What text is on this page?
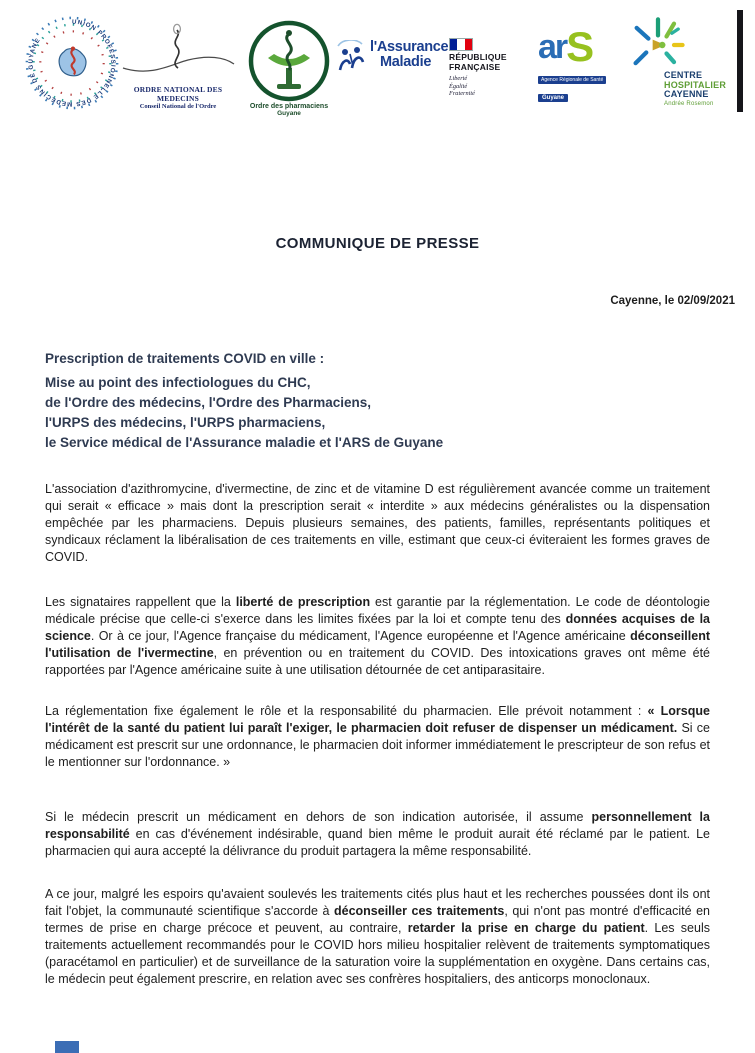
UNION PROFESSIONNELLE DES MEDECINS DE GUYANE
ORDRE NATIONAL DES MEDECINS
Conseil National de l'Ordre	Ordre des pharmaciens
Guyane
l'Assurance
Maladie	RÉPUBLIQUE
FRANÇAISE
Liberté
Égalité
Fraternité
ar S
Agence Régionale de Santé
Guyane
CENTRE
HOSPITALIER
CAYENNE
Andrée Rosemon
COMMUNIQUE DE PRESSE
Cayenne, le 02/09/2021
Prescription de traitements COVID en ville :
Mise au point des infectiologues du CHC,
de l'Ordre des médecins, l'Ordre des Pharmaciens,
l'URPS des médecins, l'URPS pharmaciens,
le Service médical de l'Assurance maladie et l'ARS de Guyane

L'association d'azithromycine, d'ivermectine, de zinc et de vitamine D est régulièrement avancée comme un traitement qui serait « efficace » mais dont la prescription serait « interdite » aux médecins généralistes ou la dispensation empêchée par les pharmaciens. Depuis plusieurs semaines, des patients, familles, représentants politiques et syndicaux réclament la libéralisation de ces traitements en ville, estimant que ceux-ci éviteraient les formes graves de COVID.

Les signataires rappellent que la liberté de prescription est garantie par la réglementation. Le code de déontologie médicale précise que celle-ci s'exerce dans les limites fixées par la loi et compte tenu des données acquises de la science. Or à ce jour, l'Agence française du médicament, l'Agence européenne et l'Agence américaine déconseillent l'utilisation de l'ivermectine, en prévention ou en traitement du COVID. Des intoxications graves ont même été rapportées par l'Agence américaine suite à une utilisation détournée de cet antiparasitaire.

La réglementation fixe également le rôle et la responsabilité du pharmacien. Elle prévoit notamment : « Lorsque l'intérêt de la santé du patient lui paraît l'exiger, le pharmacien doit refuser de dispenser un médicament. Si ce médicament est prescrit sur une ordonnance, le pharmacien doit informer immédiatement le prescripteur de son refus et le mentionner sur l'ordonnance. »

Si le médecin prescrit un médicament en dehors de son indication autorisée, il assume personnellement la responsabilité en cas d'événement indésirable, quand bien même le produit aurait été réclamé par le patient. Le pharmacien qui aura accepté la délivrance du produit partagera la même responsabilité.

A ce jour, malgré les espoirs qu'avaient soulevés les traitements cités plus haut et les recherches poussées dont ils ont fait l'objet, la communauté scientifique s'accorde à déconseiller ces traitements, qui n'ont pas montré d'efficacité en termes de prise en charge précoce et peuvent, au contraire, retarder la prise en charge du patient. Les seuls traitements actuellement recommandés pour le COVID hors milieu hospitalier relèvent de traitements symptomatiques (paracétamol en particulier) et de surveillance de la saturation voire la supplémentation en oxygène. Dans certains cas, le médecin peut également prescrire, en relation avec ses confrères hospitaliers, des anticorps monoclonaux.
